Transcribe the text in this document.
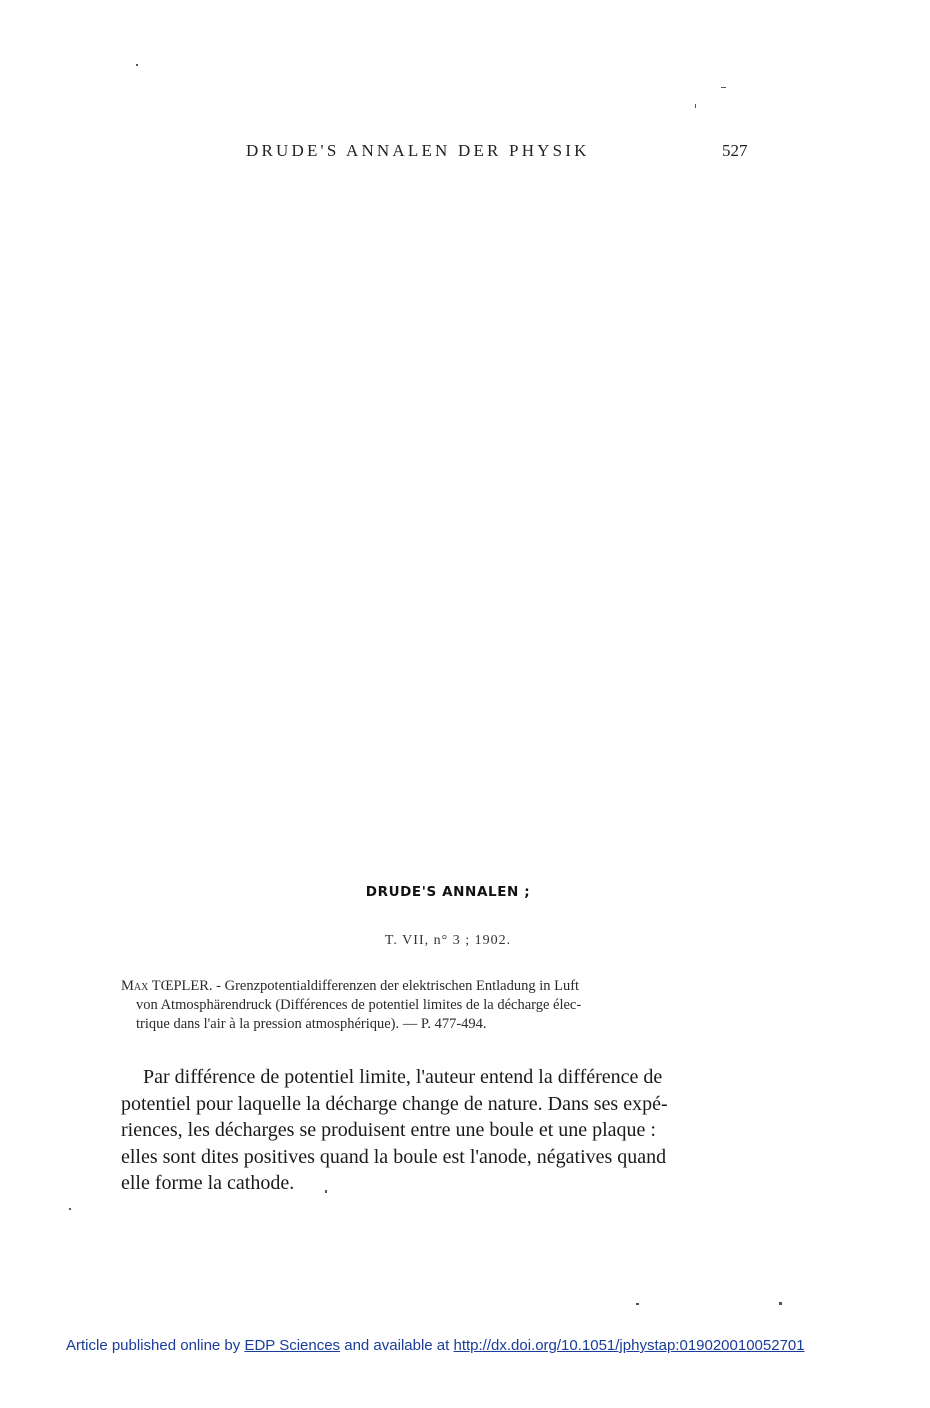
DRUDE'S ANNALEN DER PHYSIK	527
DRUDE'S ANNALEN ;
T. VII, n° 3 ; 1902.
Max TŒPLER. - Grenzpotentialdifferenzen der elektrischen Entladung in Luft
von Atmosphärendruck (Différences de potentiel limites de la décharge élec-
trique dans l'air à la pression atmosphérique). — P. 477-494.
Par différence de potentiel limite, l'auteur entend la différence de
potentiel pour laquelle la décharge change de nature. Dans ses expé-
riences, les décharges se produisent entre une boule et une plaque :
elles sont dites positives quand la boule est l'anode, négatives quand
elle forme la cathode.
Article published online by EDP Sciences and available at http://dx.doi.org/10.1051/jphystap:019020010052701
